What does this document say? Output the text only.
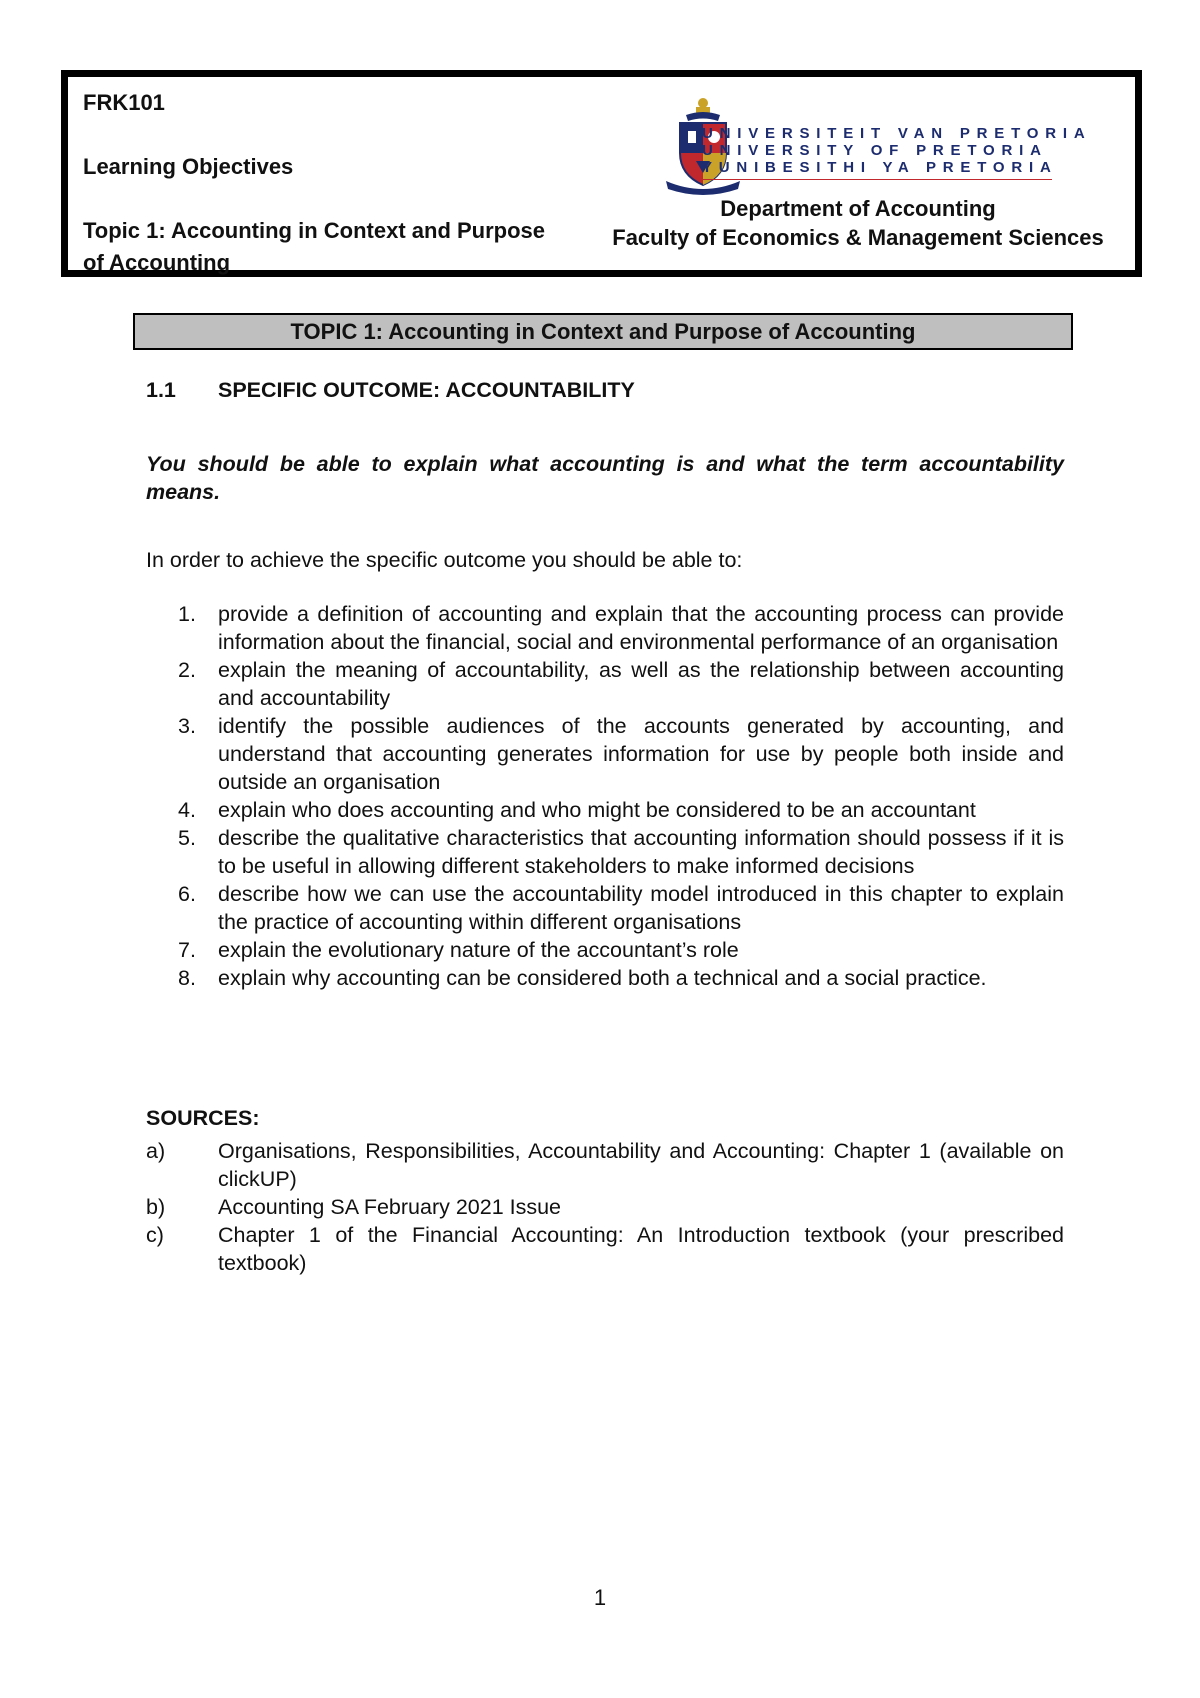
FRK101
Learning Objectives
Topic 1: Accounting in Context and Purpose of Accounting
UNIVERSITEIT VAN PRETORIA
UNIVERSITY OF PRETORIA
YUNIBESITHI YA PRETORIA
Department of Accounting
Faculty of Economics & Management Sciences
TOPIC 1: Accounting in Context and Purpose of Accounting
1.1 SPECIFIC OUTCOME: ACCOUNTABILITY
You should be able to explain what accounting is and what the term accountability means.
In order to achieve the specific outcome you should be able to:
1.	provide a definition of accounting and explain that the accounting process can provide information about the financial, social and environmental performance of an organisation
2.	explain the meaning of accountability, as well as the relationship between accounting and accountability
3.	identify the possible audiences of the accounts generated by accounting, and understand that accounting generates information for use by people both inside and outside an organisation
4.	explain who does accounting and who might be considered to be an accountant
5.	describe the qualitative characteristics that accounting information should possess if it is to be useful in allowing different stakeholders to make informed decisions
6.	describe how we can use the accountability model introduced in this chapter to explain the practice of accounting within different organisations
7.	explain the evolutionary nature of the accountant’s role
8.	explain why accounting can be considered both a technical and a social practice.
SOURCES:
a) Organisations, Responsibilities, Accountability and Accounting: Chapter 1 (available on clickUP)
b) Accounting SA February 2021 Issue
c)	Chapter 1 of the Financial Accounting: An Introduction textbook (your prescribed textbook)
1
